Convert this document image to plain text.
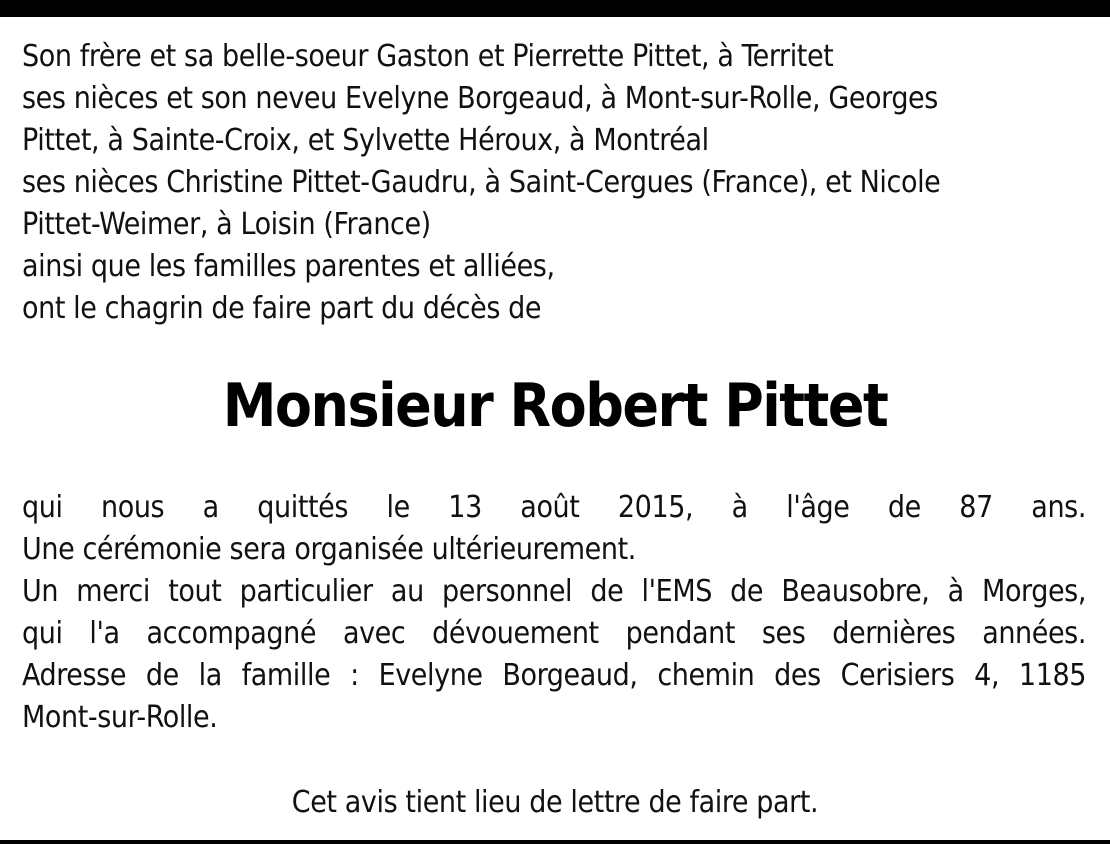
Son frère et sa belle-soeur Gaston et Pierrette Pittet, à Territet
ses nièces et son neveu Evelyne Borgeaud, à Mont-sur-Rolle, Georges
Pittet, à Sainte-Croix, et Sylvette Héroux, à Montréal
ses nièces Christine Pittet-Gaudru, à Saint-Cergues (France), et Nicole
Pittet-Weimer, à Loisin (France)
ainsi que les familles parentes et alliées,
ont le chagrin de faire part du décès de
Monsieur Robert Pittet
qui nous a quittés le 13 août 2015, à l'âge de 87 ans.
Une cérémonie sera organisée ultérieurement.
Un merci tout particulier au personnel de l'EMS de Beausobre, à Morges,
qui l'a accompagné avec dévouement pendant ses dernières années.
Adresse de la famille : Evelyne Borgeaud, chemin des Cerisiers 4, 1185
Mont-sur-Rolle.
Cet avis tient lieu de lettre de faire part.
